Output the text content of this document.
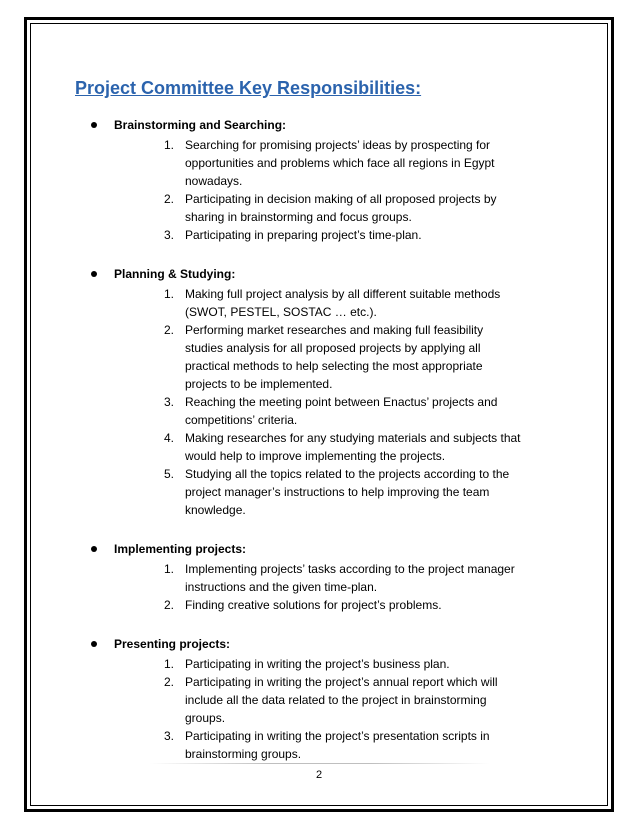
Project Committee Key Responsibilities:
Brainstorming and Searching:
1. Searching for promising projects’ ideas by prospecting for
opportunities and problems which face all regions in Egypt
nowadays.
2. Participating in decision making of all proposed projects by
sharing in brainstorming and focus groups.
3. Participating in preparing project’s time-plan.
Planning & Studying:
1. Making full project analysis by all different suitable methods
(SWOT, PESTEL, SOSTAC … etc.).
2. Performing market researches and making full feasibility
studies analysis for all proposed projects by applying all
practical methods to help selecting the most appropriate
projects to be implemented.
3. Reaching the meeting point between Enactus’ projects and
competitions’ criteria.
4. Making researches for any studying materials and subjects that
would help to improve implementing the projects.
5. Studying all the topics related to the projects according to the
project manager’s instructions to help improving the team
knowledge.
Implementing projects:
1. Implementing projects’ tasks according to the project manager
instructions and the given time-plan.
2. Finding creative solutions for project’s problems.
Presenting projects:
1. Participating in writing the project’s business plan.
2. Participating in writing the project’s annual report which will
include all the data related to the project in brainstorming
groups.
3. Participating in writing the project’s presentation scripts in
brainstorming groups.
2
